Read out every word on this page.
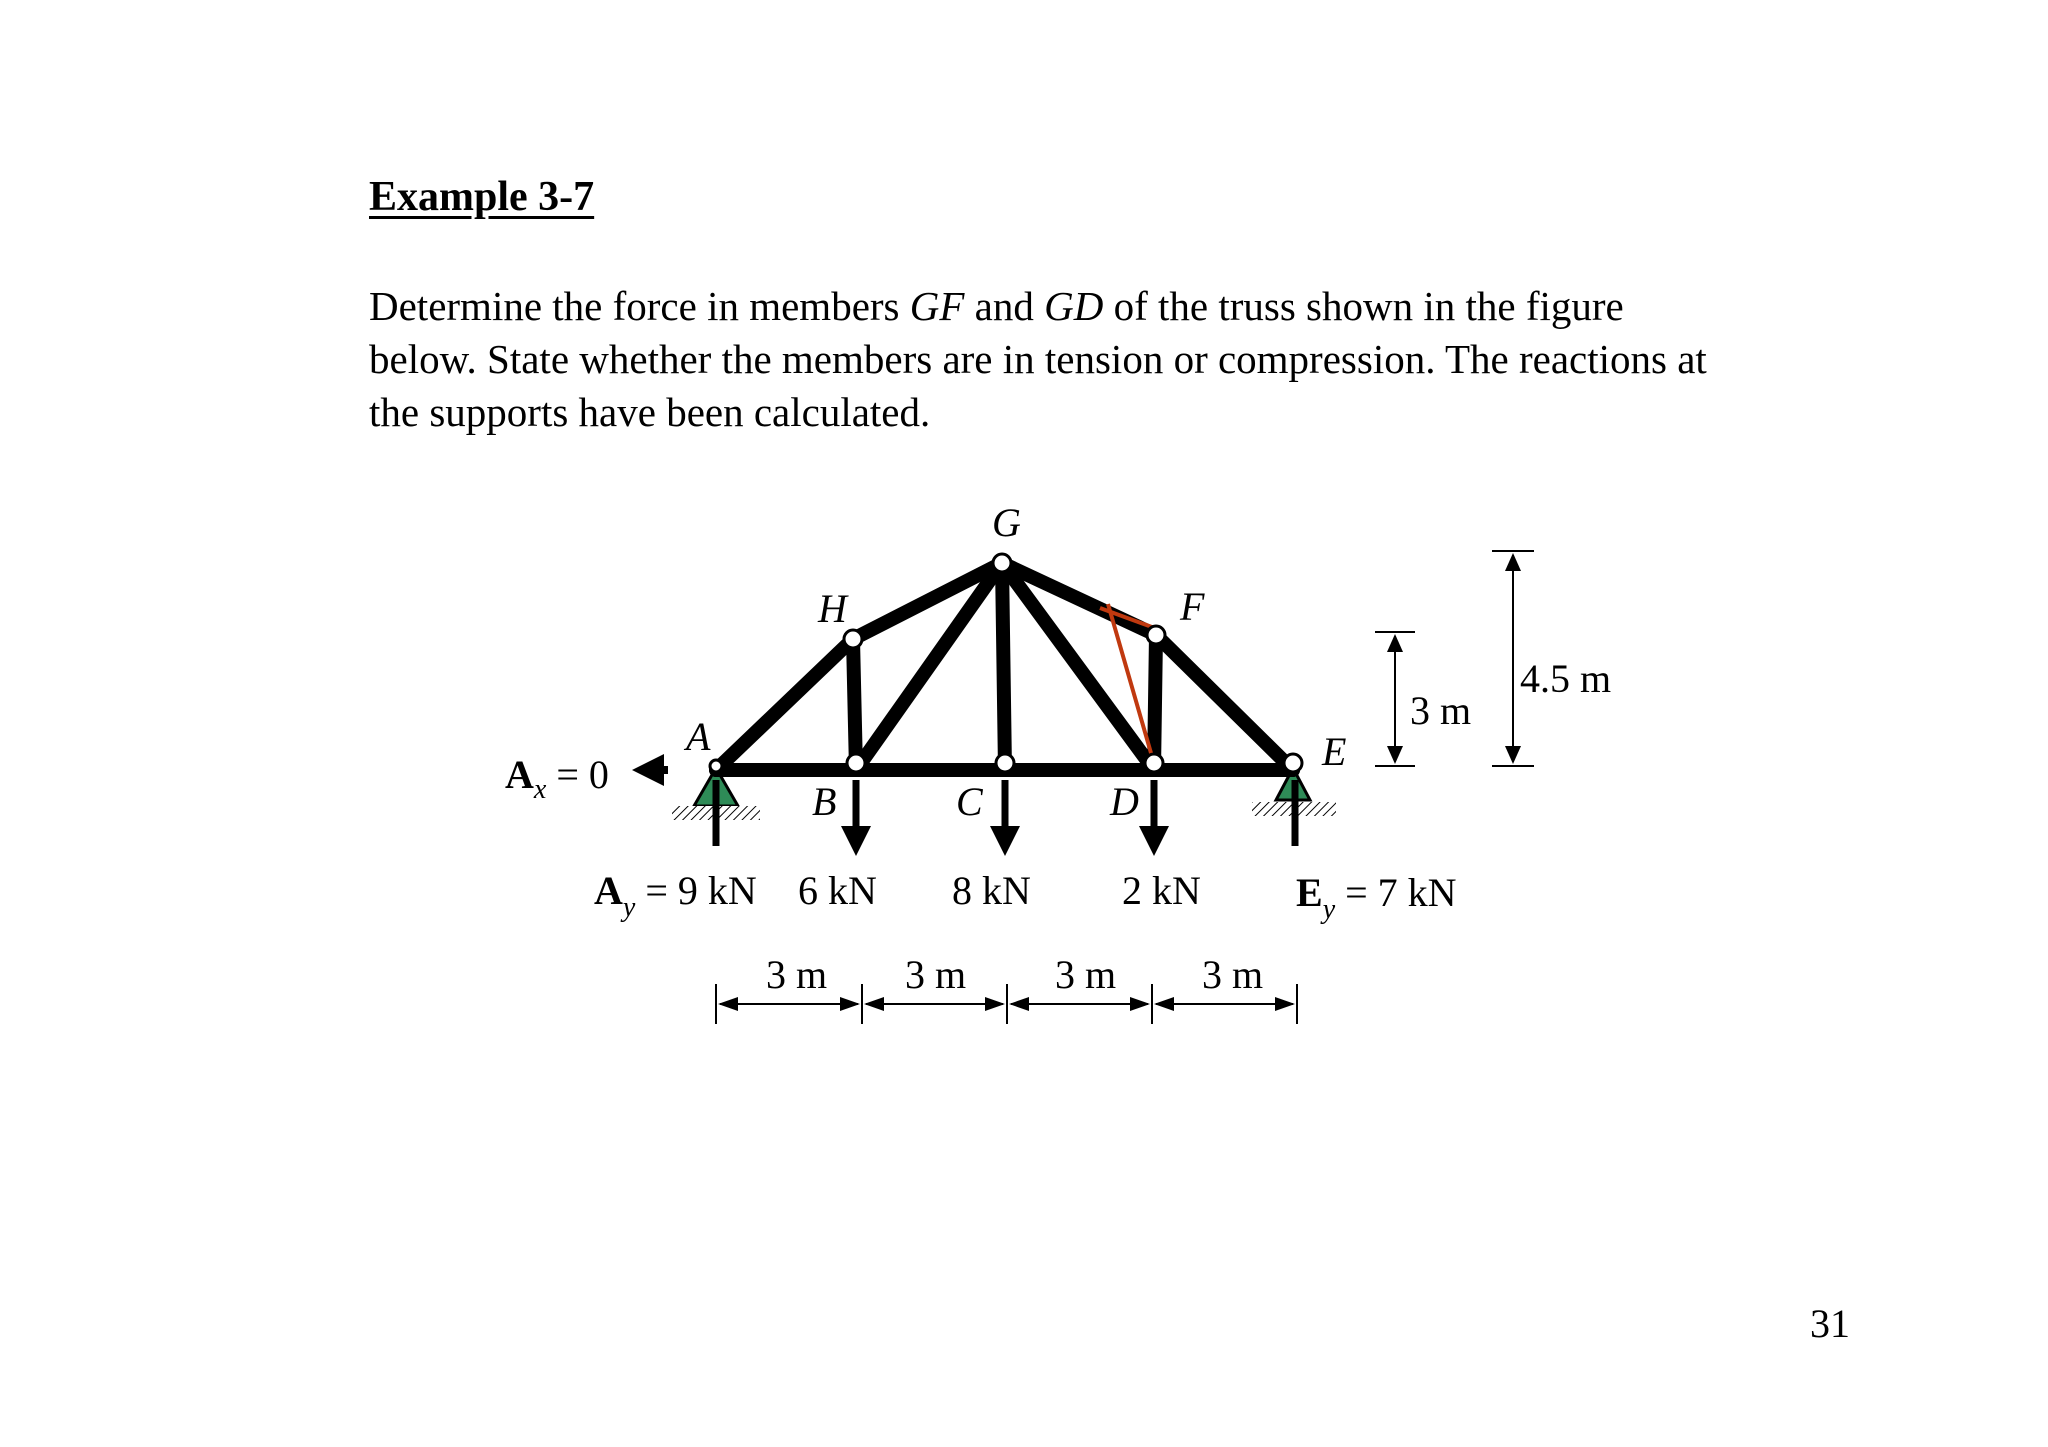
Example 3-7

Determine the force in members GF and GD of the truss shown in the figure

below. State whether the members are in tension or compression. The reactions at

the supports have been calculated.

G
H	F
A	E
B	C	D
$A_x = 0$
$A_y = 9$ kN 6 kN 8 kN 2 kN $E_y = 7$ kN
3 m 3 m 3 m 3 m
3 m
4.5 m
31
